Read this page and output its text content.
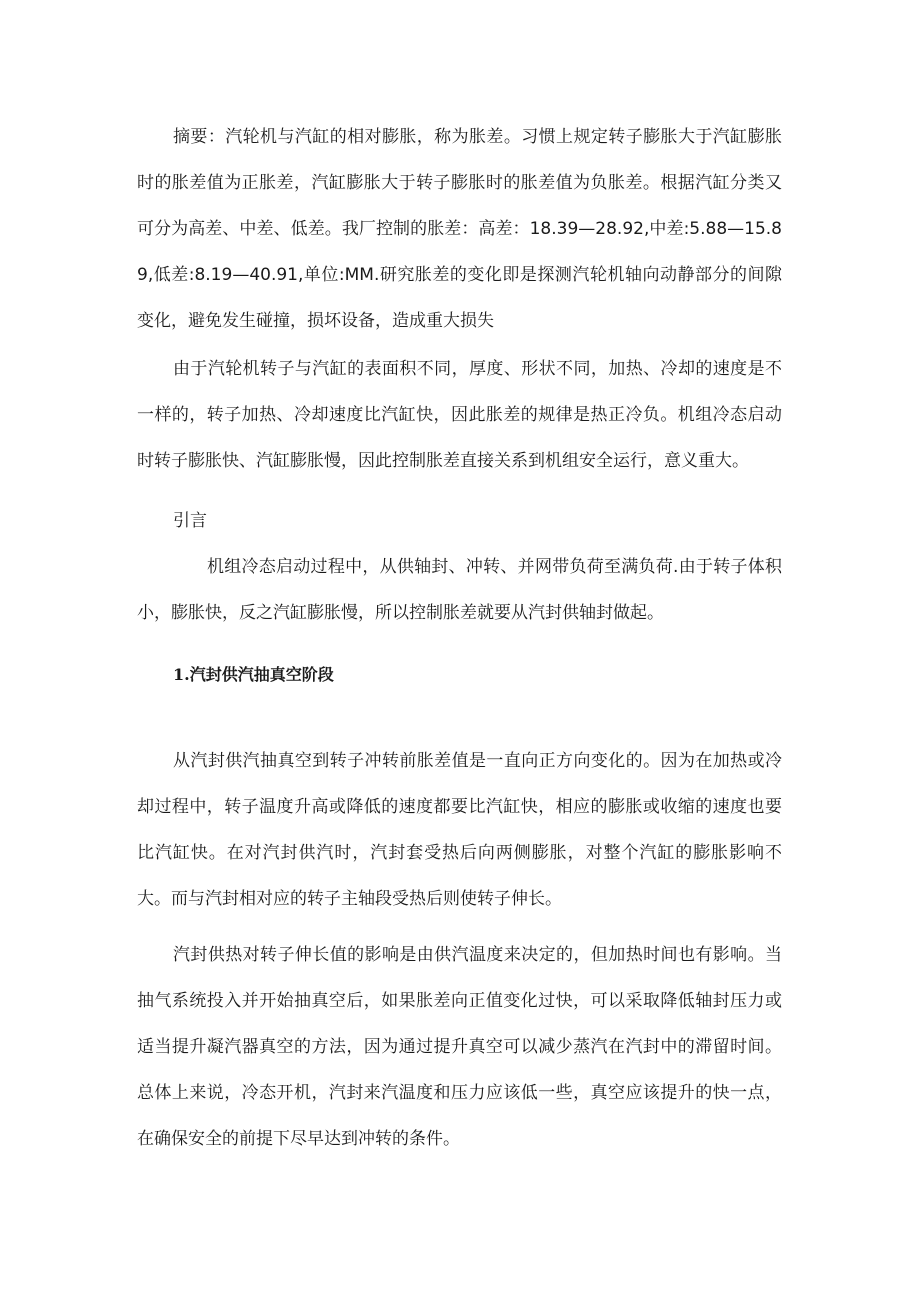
摘要：汽轮机与汽缸的相对膨胀，称为胀差。习惯上规定转子膨胀大于汽缸膨胀时的胀差值为正胀差，汽缸膨胀大于转子膨胀时的胀差值为负胀差。根据汽缸分类又可分为高差、中差、低差。我厂控制的胀差：高差：18.39—28.92,中差:5.88—15.89,低差:8.19—40.91,单位:MM.研究胀差的变化即是探测汽轮机轴向动静部分的间隙变化，避免发生碰撞，损坏设备，造成重大损失

由于汽轮机转子与汽缸的表面积不同，厚度、形状不同，加热、冷却的速度是不一样的，转子加热、冷却速度比汽缸快，因此胀差的规律是热正冷负。机组冷态启动时转子膨胀快、汽缸膨胀慢，因此控制胀差直接关系到机组安全运行，意义重大。

引言

机组冷态启动过程中，从供轴封、冲转、并网带负荷至满负荷.由于转子体积小，膨胀快，反之汽缸膨胀慢，所以控制胀差就要从汽封供轴封做起。

1.汽封供汽抽真空阶段

从汽封供汽抽真空到转子冲转前胀差值是一直向正方向变化的。因为在加热或冷却过程中，转子温度升高或降低的速度都要比汽缸快，相应的膨胀或收缩的速度也要比汽缸快。在对汽封供汽时，汽封套受热后向两侧膨胀，对整个汽缸的膨胀影响不大。而与汽封相对应的转子主轴段受热后则使转子伸长。

汽封供热对转子伸长值的影响是由供汽温度来决定的，但加热时间也有影响。当抽气系统投入并开始抽真空后，如果胀差向正值变化过快，可以采取降低轴封压力或适当提升凝汽器真空的方法，因为通过提升真空可以减少蒸汽在汽封中的滞留时间。总体上来说，冷态开机，汽封来汽温度和压力应该低一些，真空应该提升的快一点，在确保安全的前提下尽早达到冲转的条件。
